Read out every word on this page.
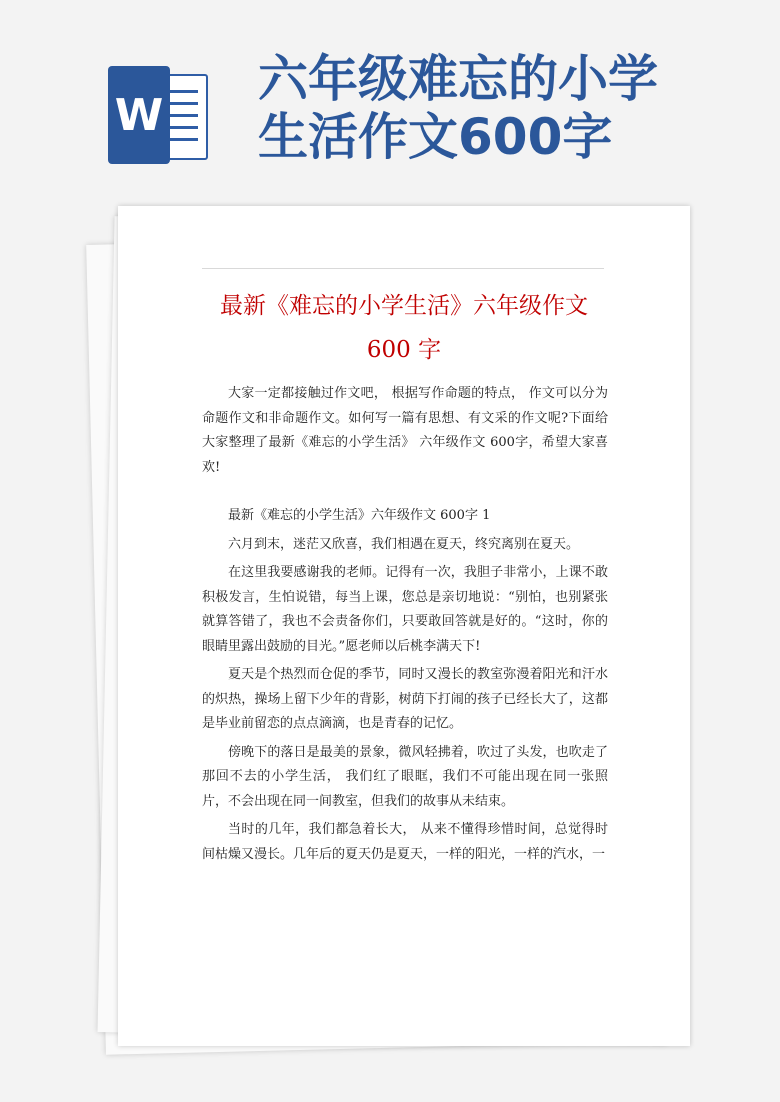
W
六年级难忘的小学
生活作文600字
最新《难忘的小学生活》六年级作文
600 字

大家一定都接触过作文吧， 根据写作命题的特点， 作文可以分为命题作文和非命题作文。如何写一篇有思想、有文采的作文呢?下面给大家整理了最新《难忘的小学生活》 六年级作文 600字，希望大家喜欢!

最新《难忘的小学生活》六年级作文 600字 1

六月到末，迷茫又欣喜，我们相遇在夏天，终究离别在夏天。

在这里我要感谢我的老师。记得有一次，我胆子非常小，上课不敢积极发言，生怕说错，每当上课，您总是亲切地说：“别怕，也别紧张就算答错了，我也不会责备你们，只要敢回答就是好的。“这时，你的眼睛里露出鼓励的目光。”愿老师以后桃李满天下!

夏天是个热烈而仓促的季节，同时又漫长的教室弥漫着阳光和汗水的炽热，操场上留下少年的背影，树荫下打闹的孩子已经长大了，这都是毕业前留恋的点点滴滴，也是青春的记忆。

傍晚下的落日是最美的景象，微风轻拂着，吹过了头发，也吹走了那回不去的小学生活， 我们红了眼眶，我们不可能出现在同一张照片，不会出现在同一间教室，但我们的故事从未结束。

当时的几年，我们都急着长大， 从来不懂得珍惜时间，总觉得时间枯燥又漫长。几年后的夏天仍是夏天，一样的阳光，一样的汽水，一
